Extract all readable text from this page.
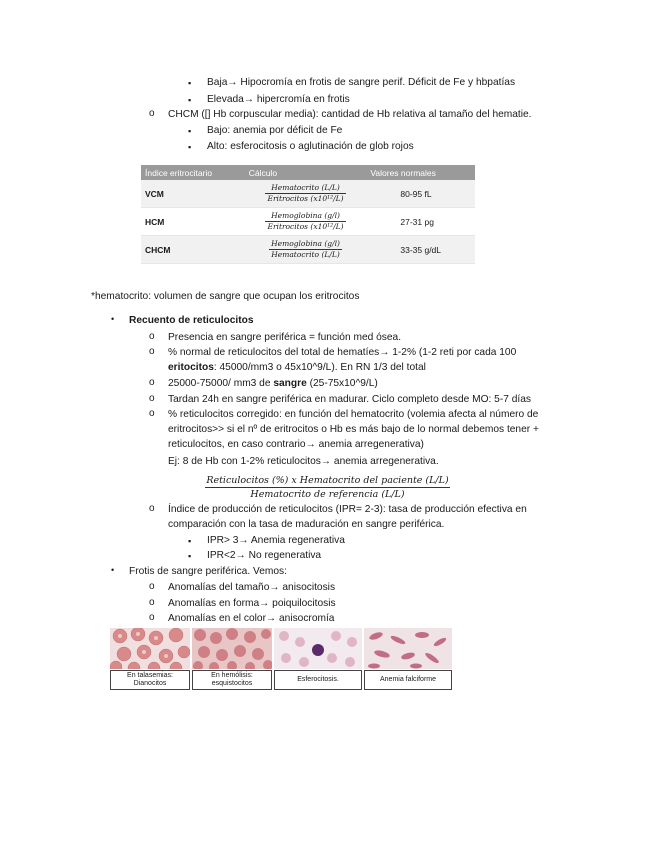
▪ Baja→ Hipocromía en frotis de sangre perif. Déficit de Fe y hbpatías
▪ Elevada→ hipercromía en frotis
o CHCM ([] Hb corpuscular media): cantidad de Hb relativa al tamaño del hematie.
▪ Bajo: anemia por déficit de Fe
▪ Alto: esferocitosis o aglutinación de glob rojos
Índice eritrocitario	Cálculo	Valores normales
VCM	$\frac{\text{Hematocrito (L/L)}}{\text{Eritrocitos (x10¹²/L)}}$	80-95 fL
HCM	$\frac{\text{Hemoglobina (g/l)}}{\text{Eritrocitos (x10¹²/L)}}$	27-31 pg
CHCM	$\frac{\text{Hemoglobina (g/l)}}{\text{Hematocrito (L/L)}}$	33-35 g/dL
*hematocrito: volumen de sangre que ocupan los eritrocitos
• Recuento de reticulocitos
o Presencia en sangre periférica = función med ósea.
o % normal de reticulocitos del total de hematíes→ 1-2% (1-2 reti por cada 100
eritocitos: 45000/mm3 o 45x10^9/L). En RN 1/3 del total
o 25000-75000/ mm3 de sangre (25-75x10^9/L)
o Tardan 24h en sangre periférica en madurar. Ciclo completo desde MO: 5-7 días
o % reticulocitos corregido: en función del hematocrito (volemia afecta al número de
eritrocitos>> si el nº de eritrocitos o Hb es más bajo de lo normal debemos tener +
reticulocitos, en caso contrario→ anemia arregenerativa)
Ej: 8 de Hb con 1-2% reticulocitos→ anemia arregenerativa.
Reticulocitos (%) x Hematocrito del paciente (L/L)
Hematocrito de referencia (L/L)
o Índice de producción de reticulocitos (IPR= 2-3): tasa de producción efectiva en
comparación con la tasa de maduración en sangre periférica.
▪ IPR> 3→ Anemia regenerativa
▪ IPR<2→ No regenerativa
• Frotis de sangre periférica. Vemos:
o Anomalías del tamaño→ anisocitosis
o Anomalías en forma→ poiquilocitosis
o Anomalías en el color→ anisocromía
En talasemias: Dianocitos
En hemólisis: esquistocitos
Esferocitosis.	Anemia falciforme
